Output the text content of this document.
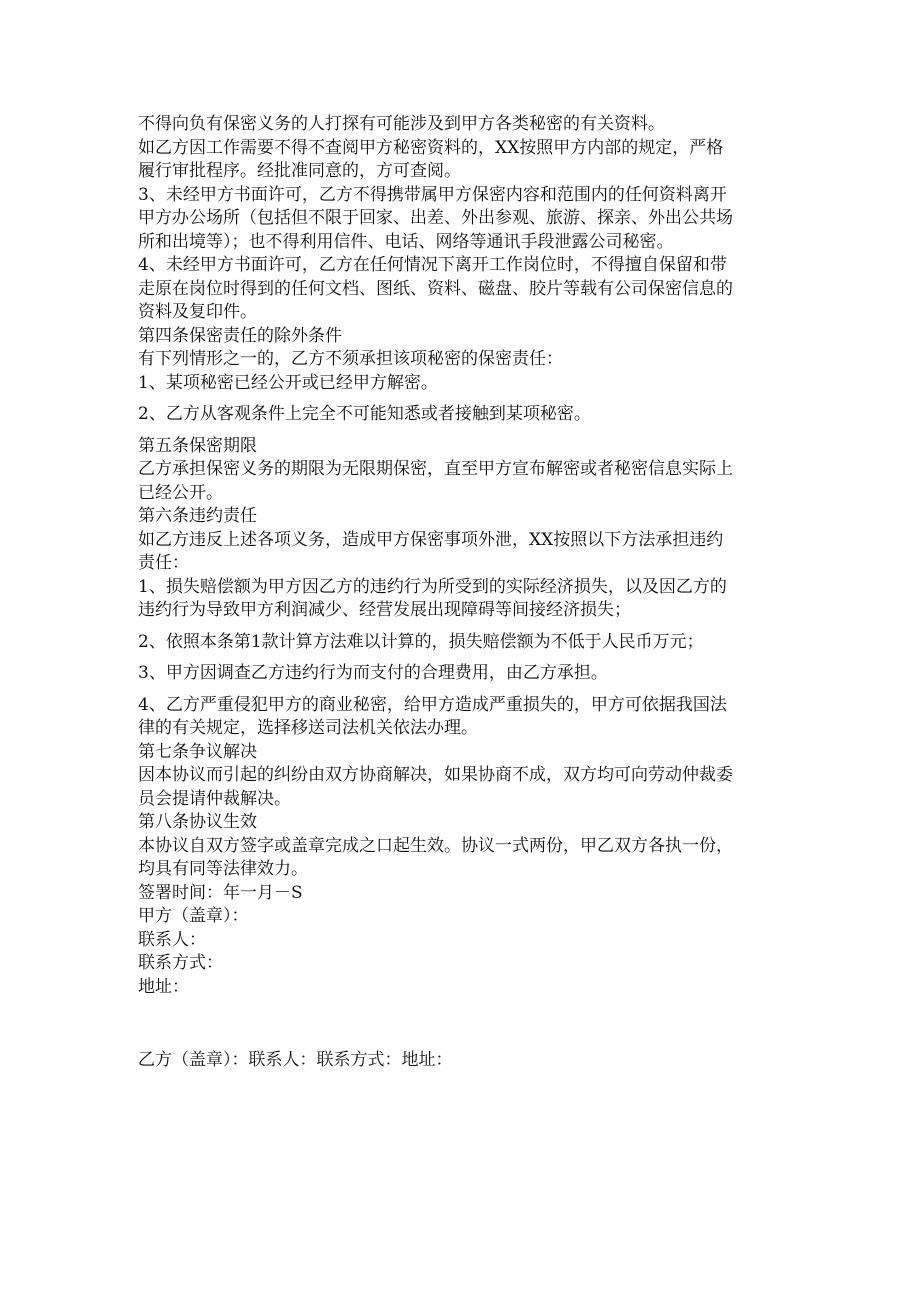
不得向负有保密义务的人打探有可能涉及到甲方各类秘密的有关资料。

如乙方因工作需要不得不查阅甲方秘密资料的，XX按照甲方内部的规定，严格

履行审批程序。经批准同意的，方可查阅。

3、未经甲方书面许可，乙方不得携带属甲方保密内容和范围内的任何资料离开

甲方办公场所（包括但不限于回家、出差、外出参观、旅游、探亲、外出公共场

所和出境等）；也不得利用信件、电话、网络等通讯手段泄露公司秘密。

4、未经甲方书面许可，乙方在任何情况下离开工作岗位时，不得擅自保留和带

走原在岗位时得到的任何文档、图纸、资料、磁盘、胶片等载有公司保密信息的

资料及复印件。

第四条保密责任的除外条件

有下列情形之一的，乙方不须承担该项秘密的保密责任：

1、某项秘密已经公开或已经甲方解密。

2、乙方从客观条件上完全不可能知悉或者接触到某项秘密。

第五条保密期限

乙方承担保密义务的期限为无限期保密，直至甲方宣布解密或者秘密信息实际上

已经公开。

第六条违约责任

如乙方违反上述各项义务，造成甲方保密事项外泄，XX按照以下方法承担违约

责任：

1、损失赔偿额为甲方因乙方的违约行为所受到的实际经济损失，以及因乙方的

违约行为导致甲方利润减少、经营发展出现障碍等间接经济损失；

2、依照本条第1款计算方法难以计算的，损失赔偿额为不低于人民币万元；

3、甲方因调查乙方违约行为而支付的合理费用，由乙方承担。

4、乙方严重侵犯甲方的商业秘密，给甲方造成严重损失的，甲方可依据我国法

律的有关规定，选择移送司法机关依法办理。

第七条争议解决

因本协议而引起的纠纷由双方协商解决，如果协商不成，双方均可向劳动仲裁委

员会提请仲裁解决。

第八条协议生效

本协议自双方签字或盖章完成之口起生效。协议一式两份，甲乙双方各执一份，

均具有同等法律效力。

签署时间：年一月－S

甲方（盖章）：

联系人：

联系方式：

地址：

乙方（盖章）：联系人：联系方式：地址：
